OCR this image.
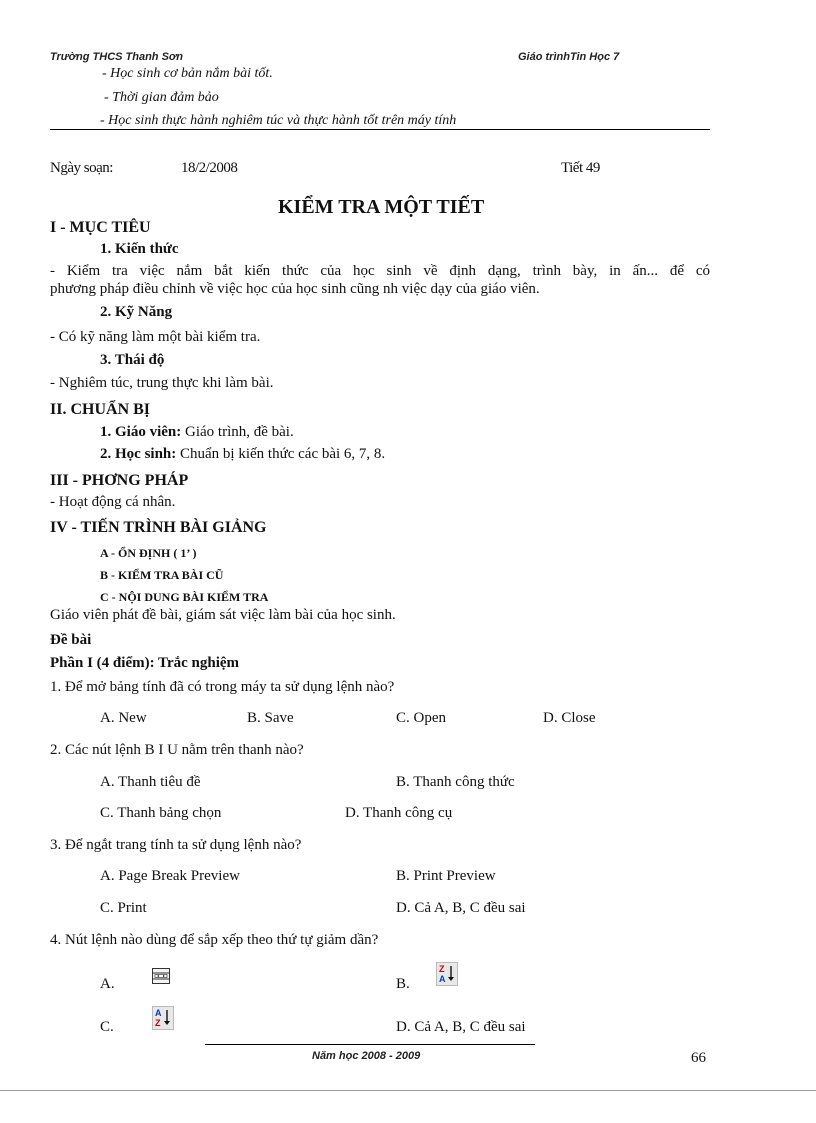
Trường THCS Thanh Sơn	Giáo trìnhTin Học 7
- Học sinh cơ bản nắm bài tốt.
- Thời gian đảm bảo
- Học sinh thực hành nghiêm túc và thực hành tốt trên máy tính
Ngày soạn:	18/2/2008	Tiết 49
KIỂM TRA MỘT TIẾT
I - MỤC TIÊU
1. Kiến thức
- Kiểm tra việc nắm bắt kiến thức của học sinh về định dạng, trình bày, in ấn... để có
phương pháp điều chỉnh về việc học của học sinh cũng nh việc dạy của giáo viên.
2. Kỹ Năng
- Có kỹ năng làm một bài kiểm tra.
3. Thái độ
- Nghiêm túc, trung thực khi làm bài.
II. CHUẨN BỊ
1. Giáo viên: Giáo trình, đề bài.
2. Học sinh: Chuẩn bị kiến thức các bài 6, 7, 8.
III - PHƠNG PHÁP
- Hoạt động cá nhân.
IV - TIẾN TRÌNH BÀI GIẢNG
A - ỔN ĐỊNH ( 1’ )
B - KIỂM TRA BÀI CŨ
C - NỘI DUNG BÀI KIỂM TRA
Giáo viên phát đề bài, giám sát việc làm bài của học sinh.
Đề bài
Phần I (4 điểm): Trắc nghiệm
1. Để mở bảng tính đã có trong máy ta sử dụng lệnh nào?
A. New	B. Save	C. Open	D. Close
2. Các nút lệnh B I U nằm trên thanh nào?
A. Thanh tiêu đề	B. Thanh công thức
C. Thanh bảng chọn	D. Thanh công cụ
3. Để ngắt trang tính ta sử dụng lệnh nào?
A. Page Break Preview	B. Print Preview
C. Print	D. Cả A, B, C đều sai
4. Nút lệnh nào dùng để sắp xếp theo thứ tự giảm dần?
A.	B.
Z
A
C.
A
Z	D. Cả A, B, C đều sai
Năm học 2008 - 2009	66
